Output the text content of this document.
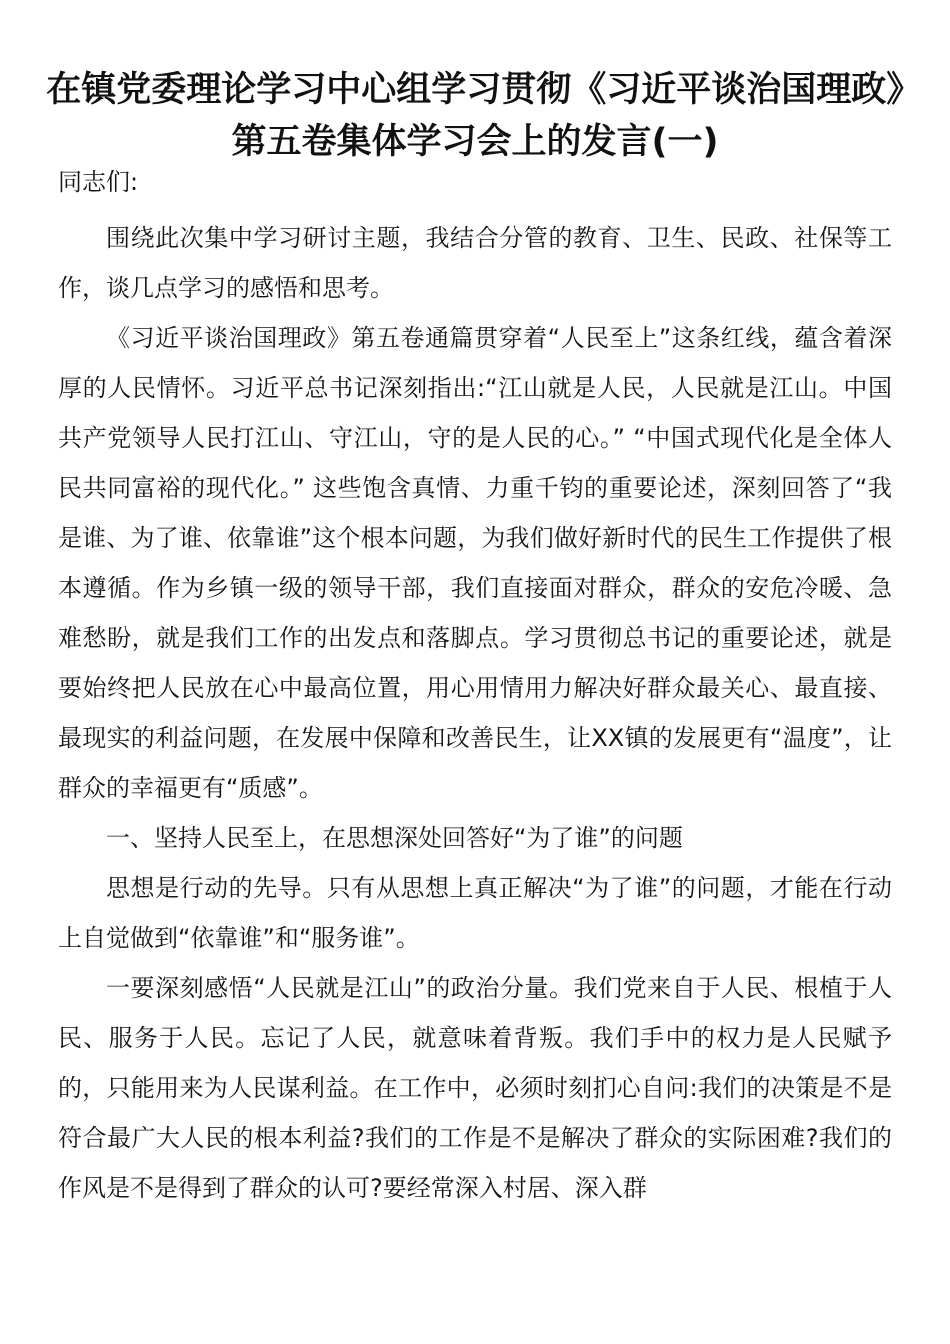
在镇党委理论学习中心组学习贯彻《习近平谈治国理政》第五卷集体学习会上的发言(一)

同志们:

围绕此次集中学习研讨主题，我结合分管的教育、卫生、民政、社保等工作，谈几点学习的感悟和思考。

《习近平谈治国理政》第五卷通篇贯穿着“人民至上”这条红线，蕴含着深厚的人民情怀。习近平总书记深刻指出:“江山就是人民，人民就是江山。中国共产党领导人民打江山、守江山，守的是人民的心。” “中国式现代化是全体人民共同富裕的现代化。” 这些饱含真情、力重千钧的重要论述，深刻回答了“我是谁、为了谁、依靠谁”这个根本问题，为我们做好新时代的民生工作提供了根本遵循。作为乡镇一级的领导干部，我们直接面对群众，群众的安危冷暖、急难愁盼，就是我们工作的出发点和落脚点。学习贯彻总书记的重要论述，就是要始终把人民放在心中最高位置，用心用情用力解决好群众最关心、最直接、最现实的利益问题，在发展中保障和改善民生，让XX镇的发展更有“温度”，让群众的幸福更有“质感”。

一、坚持人民至上，在思想深处回答好“为了谁”的问题

思想是行动的先导。只有从思想上真正解决“为了谁”的问题，才能在行动上自觉做到“依靠谁”和“服务谁”。

一要深刻感悟“人民就是江山”的政治分量。我们党来自于人民、根植于人民、服务于人民。忘记了人民，就意味着背叛。我们手中的权力是人民赋予的，只能用来为人民谋利益。在工作中，必须时刻扪心自问:我们的决策是不是符合最广大人民的根本利益?我们的工作是不是解决了群众的实际困难?我们的作风是不是得到了群众的认可?要经常深入村居、深入群
